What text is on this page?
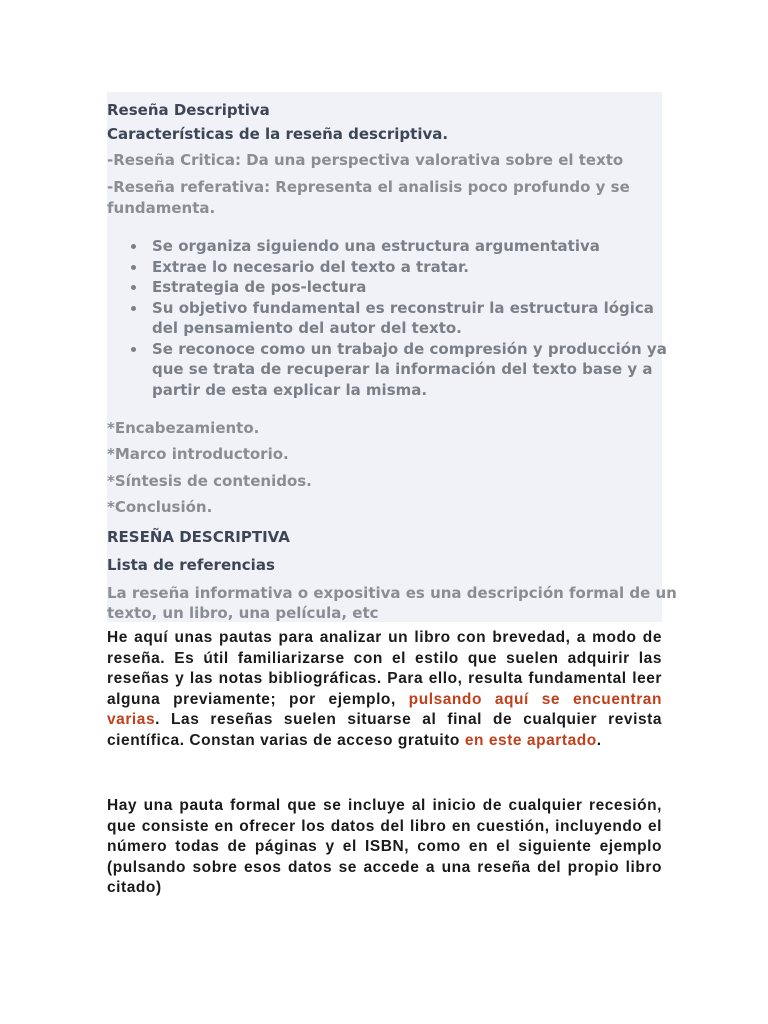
Reseña Descriptiva
Características de la reseña descriptiva.
-Reseña Critica: Da una perspectiva valorativa sobre el texto
-Reseña referativa: Representa el analisis poco profundo y se
fundamenta.
Se organiza siguiendo una estructura argumentativa
Extrae lo necesario del texto a tratar.
Estrategia de pos-lectura
Su objetivo fundamental es reconstruir la estructura lógica
del pensamiento del autor del texto.
Se reconoce como un trabajo de compresión y producción ya
que se trata de recuperar la información del texto base y a
partir de esta explicar la misma.
*Encabezamiento.
*Marco introductorio.
*Síntesis de contenidos.
*Conclusión.
RESEÑA DESCRIPTIVA
Lista de referencias
La reseña informativa o expositiva es una descripción formal de un
texto, un libro, una película, etc

He aquí unas pautas para analizar un libro con brevedad, a modo de reseña. Es útil familiarizarse con el estilo que suelen adquirir las reseñas y las notas bibliográficas. Para ello, resulta fundamental leer alguna previamente; por ejemplo, pulsando aquí se encuentran varias. Las reseñas suelen situarse al final de cualquier revista científica. Constan varias de acceso gratuito en este apartado.

Hay una pauta formal que se incluye al inicio de cualquier recesión, que consiste en ofrecer los datos del libro en cuestión, incluyendo el número todas de páginas y el ISBN, como en el siguiente ejemplo (pulsando sobre esos datos se accede a una reseña del propio libro citado)
